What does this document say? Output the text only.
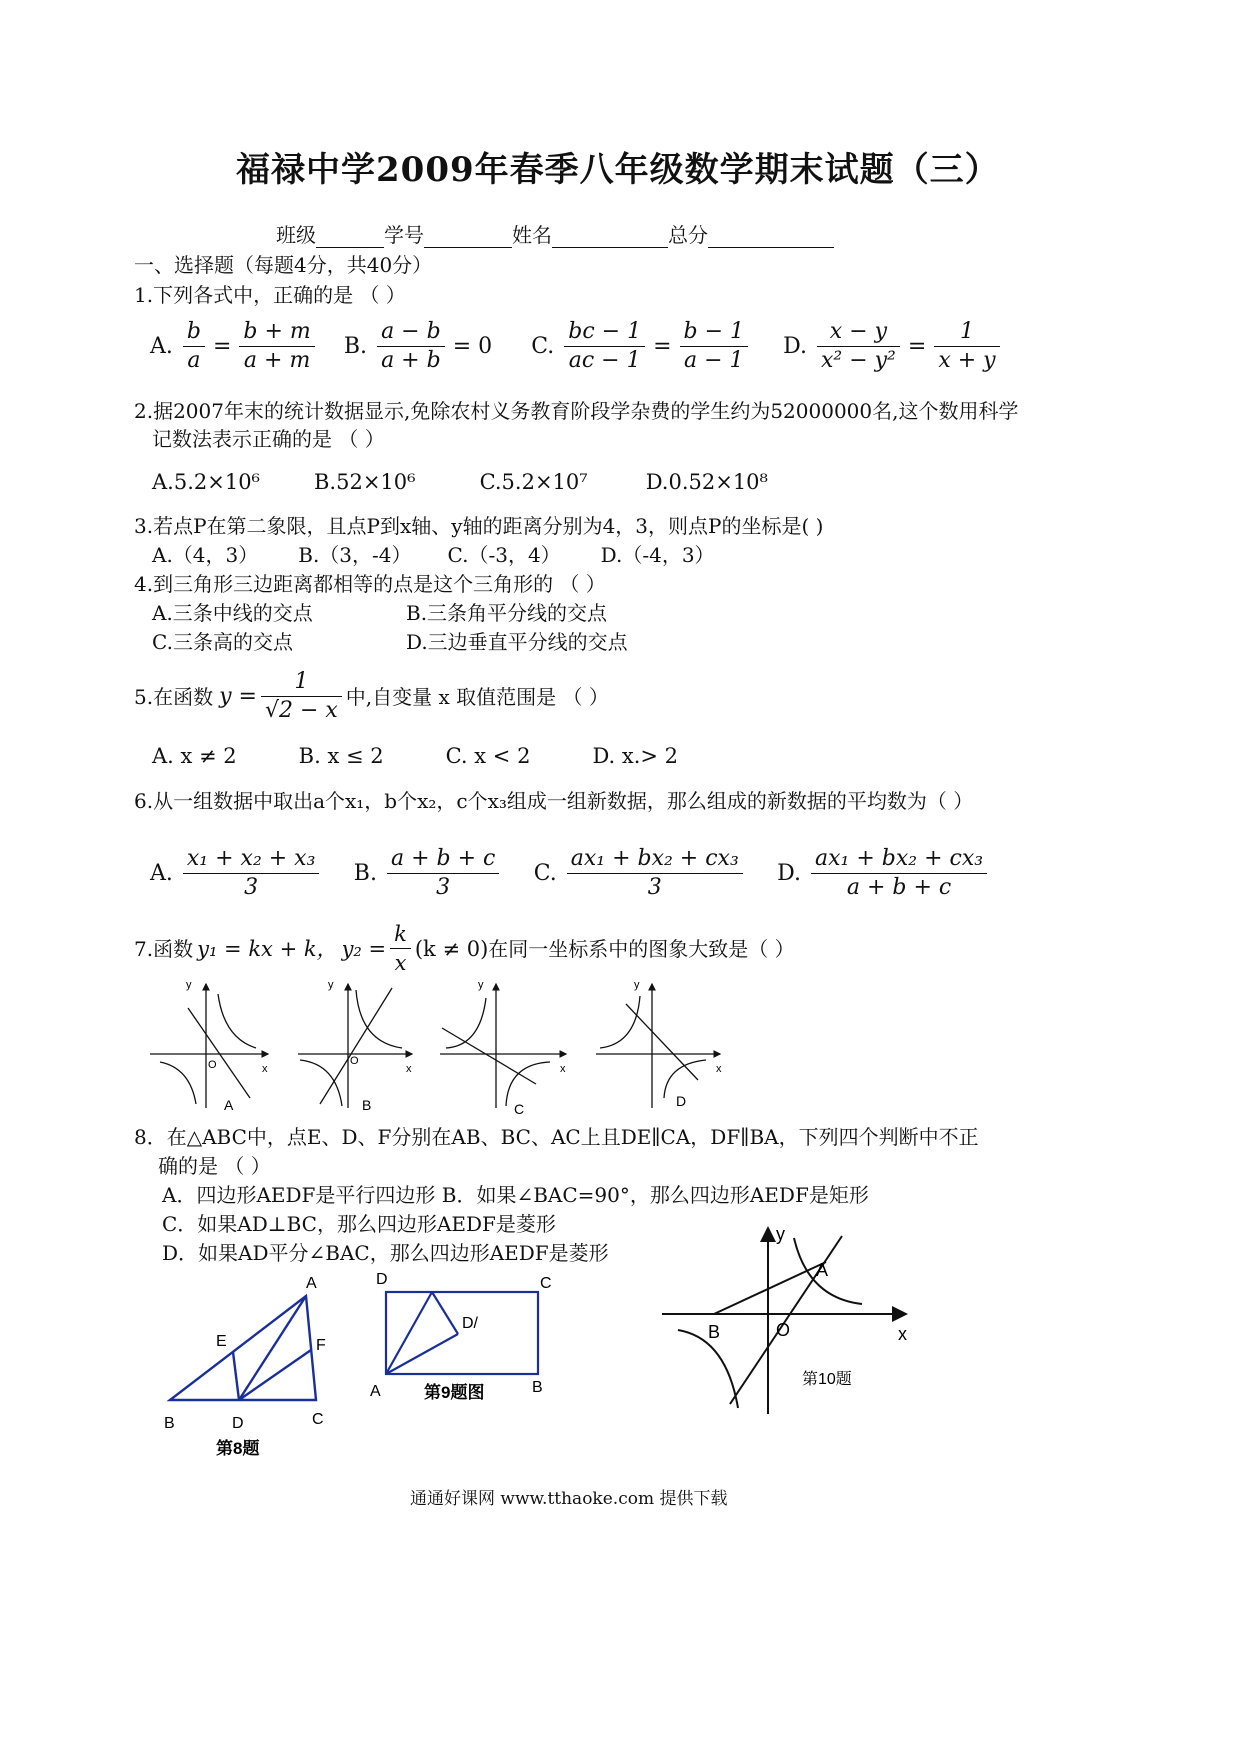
福禄中学2009年春季八年级数学期末试题（三）
班级	学号	姓名	总分
一、选择题（每题4分，共40分）
1.下列各式中，正确的是 （ ）
A. $\frac{b}{a} = \frac{b + m}{a + m}$
B. $\frac{a - b}{a + b} = 0$
C. $\frac{bc - 1}{ac - 1} = \frac{b - 1}{a - 1}$
D. $\frac{x - y}{\text{x² − y²}} = \frac{1}{x + y}$
2.据2007年末的统计数据显示,免除农村义务教育阶段学杂费的学生约为52000000名,这个数用科学
记数法表示正确的是 （ ）
A.5.2×10⁶	B.52×10⁶	C.5.2×10⁷	D.0.52×10⁸
3.若点P在第二象限，且点P到x轴、y轴的距离分别为4，3，则点P的坐标是( )
A.（4，3） B.（3，-4） C.（-3，4） D.（-4，3）
4.到三角形三边距离都相等的点是这个三角形的 （ ）
A.三条中线的交点	B.三条角平分线的交点
C.三条高的交点	D.三边垂直平分线的交点
5.在函数 $y = \frac{1}{√2 - x}$ 中,自变量 x 取值范围是 （ ）
A. x ≠ 2	B. x ≤ 2	C. x < 2	D. x.> 2
6.从一组数据中取出a个x₁，b个x₂，c个x₃组成一组新数据，那么组成的新数据的平均数为（ ）
A. $\frac{\text{x₁ + x₂ + x₃}}{3}$
B. $\frac{a + b + c}{3}$
C. $\frac{\text{ax₁ + bx₂ + cx₃}}{3}$
D. $\frac{\text{ax₁ + bx₂ + cx₃}}{a + b + c}$
7.函数 y₁ = kx + k， $y_2 = \frac{k}{x} (k \ne 0)$ 在同一坐标系中的图象大致是（ ）
y
x
O
A
y
x
O
B
y
x
C
y
x
D
8．在△ABC中，点E、D、F分别在AB、BC、AC上且DE∥CA，DF∥BA，下列四个判断中不正
确的是 （ ）
A．四边形AEDF是平行四边形 B．如果∠BAC=90°，那么四边形AEDF是矩形
C．如果AD⊥BC，那么四边形AEDF是菱形
D．如果AD平分∠BAC，那么四边形AEDF是菱形
A
E	F
B	D	C
第8题
D	C
D/
A	B
第9题图
y
A
B	O	x
第10题
通通好课网 www.tthaoke.com 提供下载
